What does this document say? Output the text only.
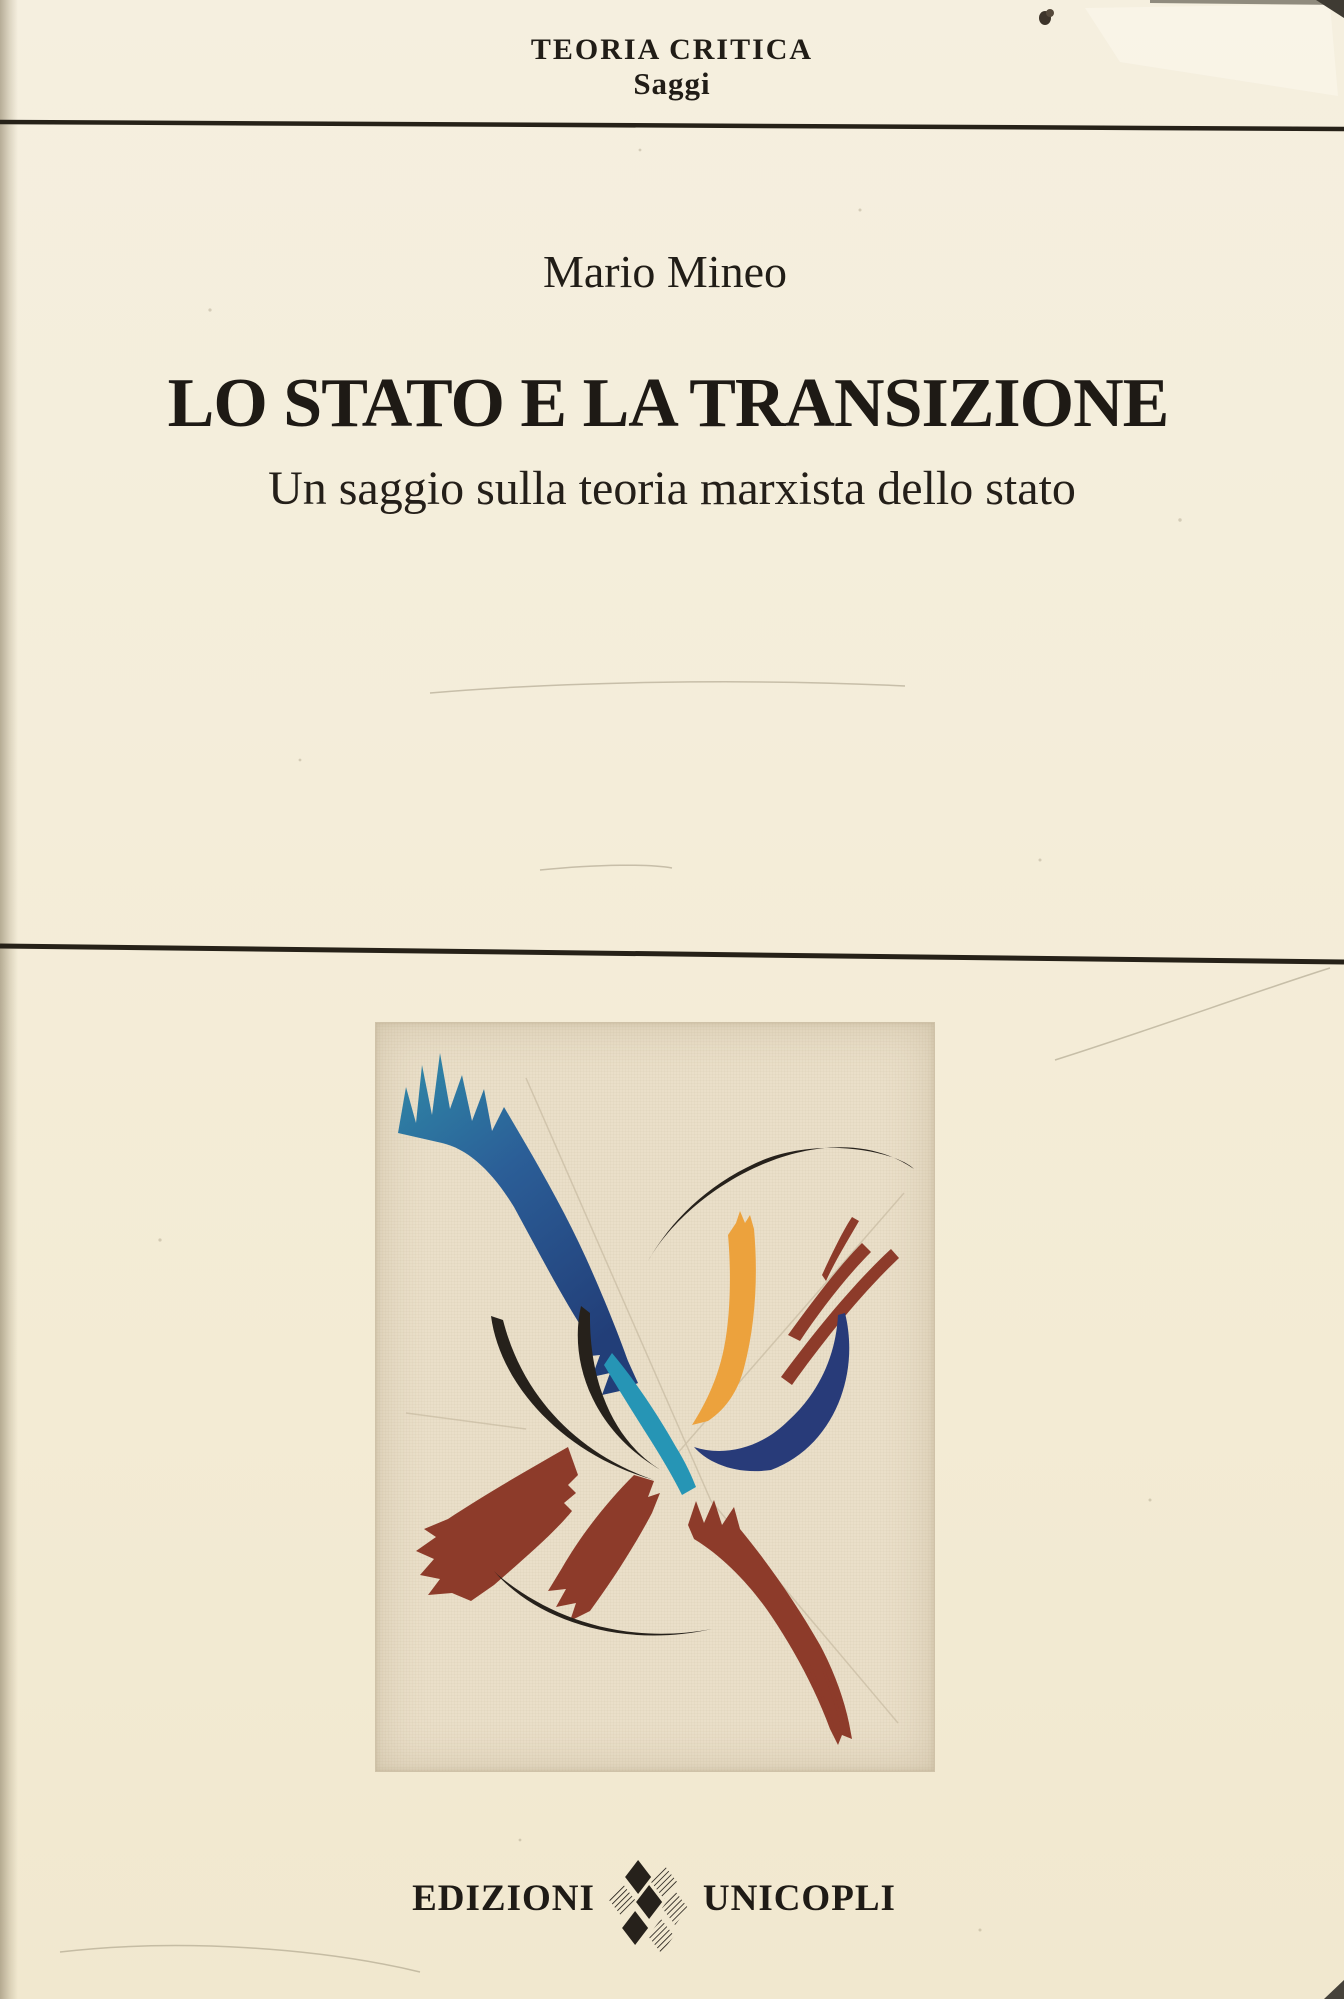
TEORIA CRITICA
Saggi
Mario Mineo
LO STATO E LA TRANSIZIONE
Un saggio sulla teoria marxista dello stato
EDIZIONI	UNICOPLI
